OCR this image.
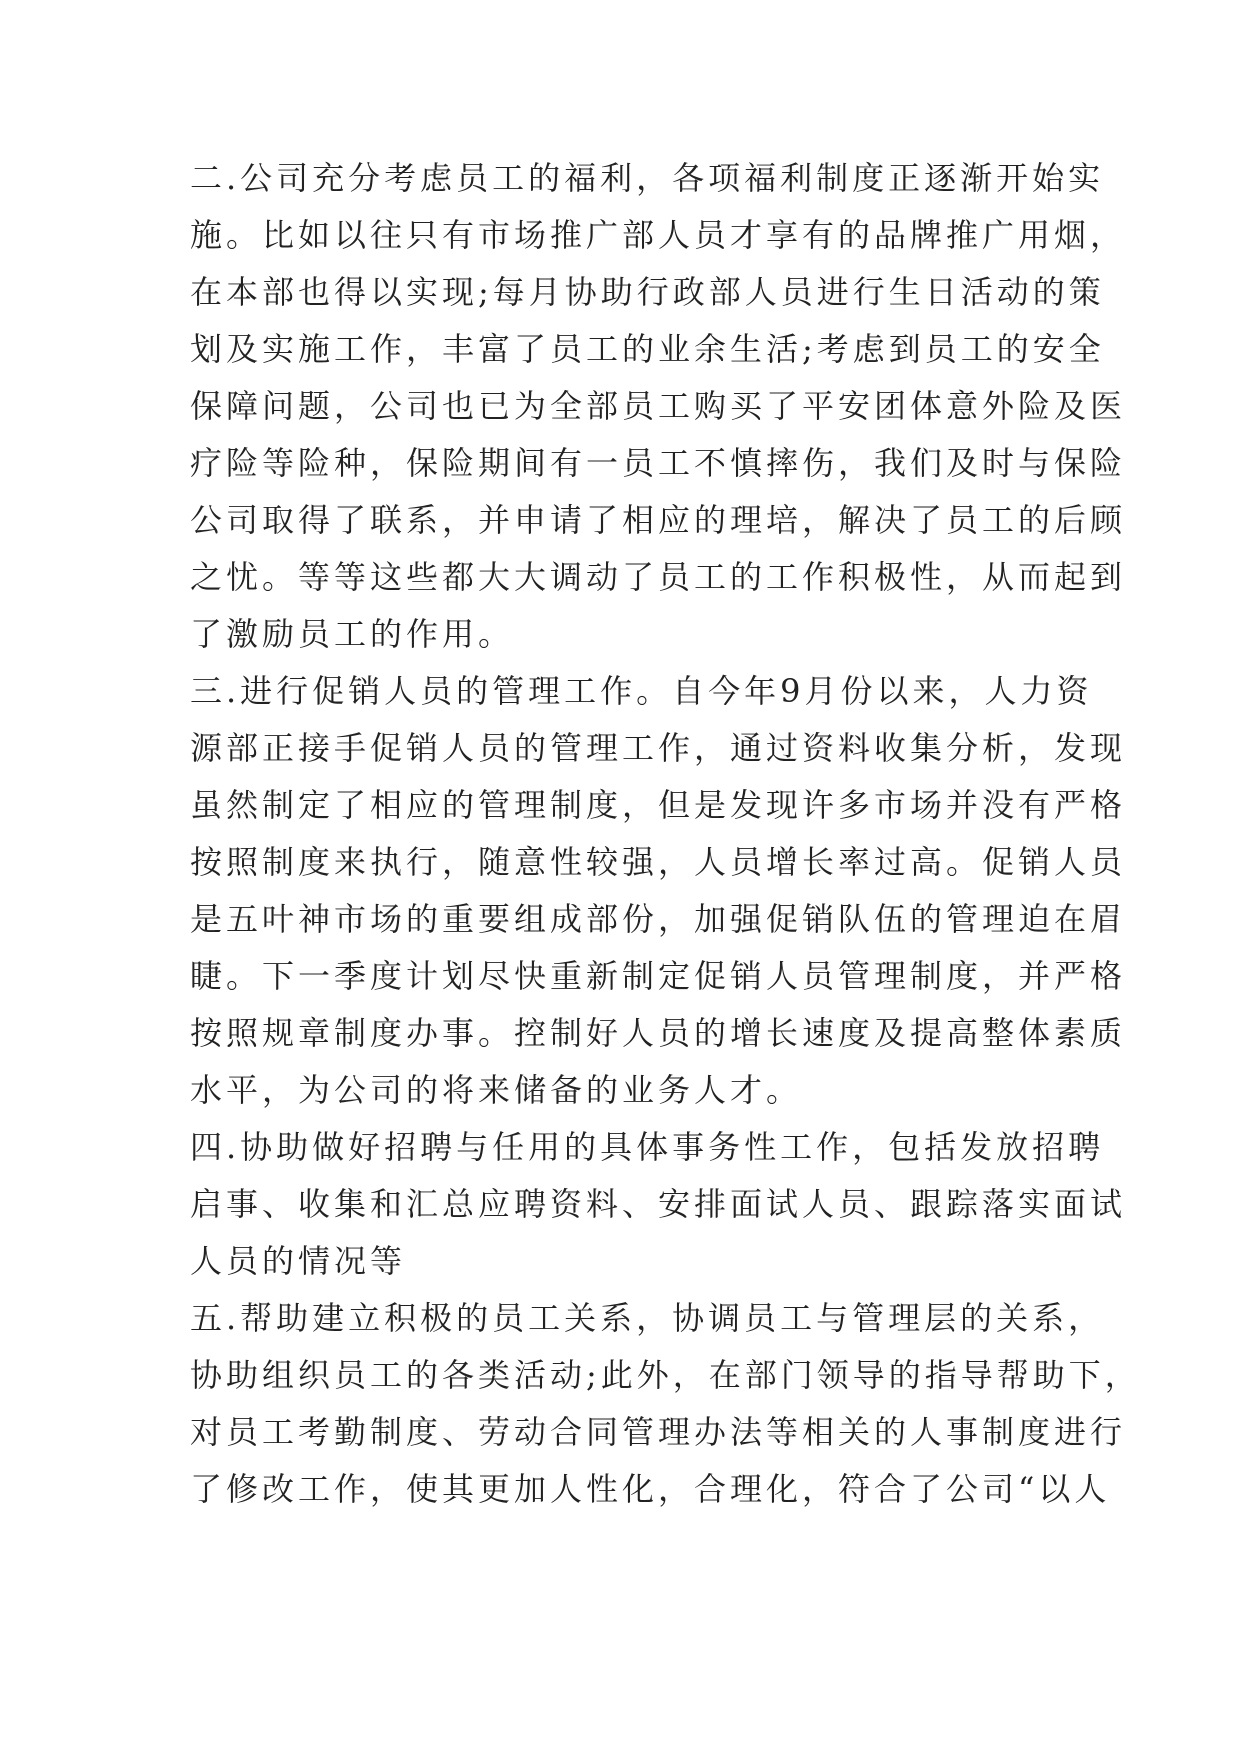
二.公司充分考虑员工的福利，各项福利制度正逐渐开始实
施。比如以往只有市场推广部人员才享有的品牌推广用烟，
在本部也得以实现;每月协助行政部人员进行生日活动的策
划及实施工作，丰富了员工的业余生活;考虑到员工的安全
保障问题，公司也已为全部员工购买了平安团体意外险及医
疗险等险种，保险期间有一员工不慎摔伤，我们及时与保险
公司取得了联系，并申请了相应的理培，解决了员工的后顾
之忧。等等这些都大大调动了员工的工作积极性，从而起到
了激励员工的作用。
三.进行促销人员的管理工作。自今年9月份以来，人力资
源部正接手促销人员的管理工作，通过资料收集分析，发现
虽然制定了相应的管理制度，但是发现许多市场并没有严格
按照制度来执行，随意性较强，人员增长率过高。促销人员
是五叶神市场的重要组成部份，加强促销队伍的管理迫在眉
睫。下一季度计划尽快重新制定促销人员管理制度，并严格
按照规章制度办事。控制好人员的增长速度及提高整体素质
水平，为公司的将来储备的业务人才。
四.协助做好招聘与任用的具体事务性工作，包括发放招聘
启事、收集和汇总应聘资料、安排面试人员、跟踪落实面试
人员的情况等
五.帮助建立积极的员工关系，协调员工与管理层的关系，
协助组织员工的各类活动;此外，在部门领导的指导帮助下，
对员工考勤制度、劳动合同管理办法等相关的人事制度进行
了修改工作，使其更加人性化，合理化，符合了公司“以人
